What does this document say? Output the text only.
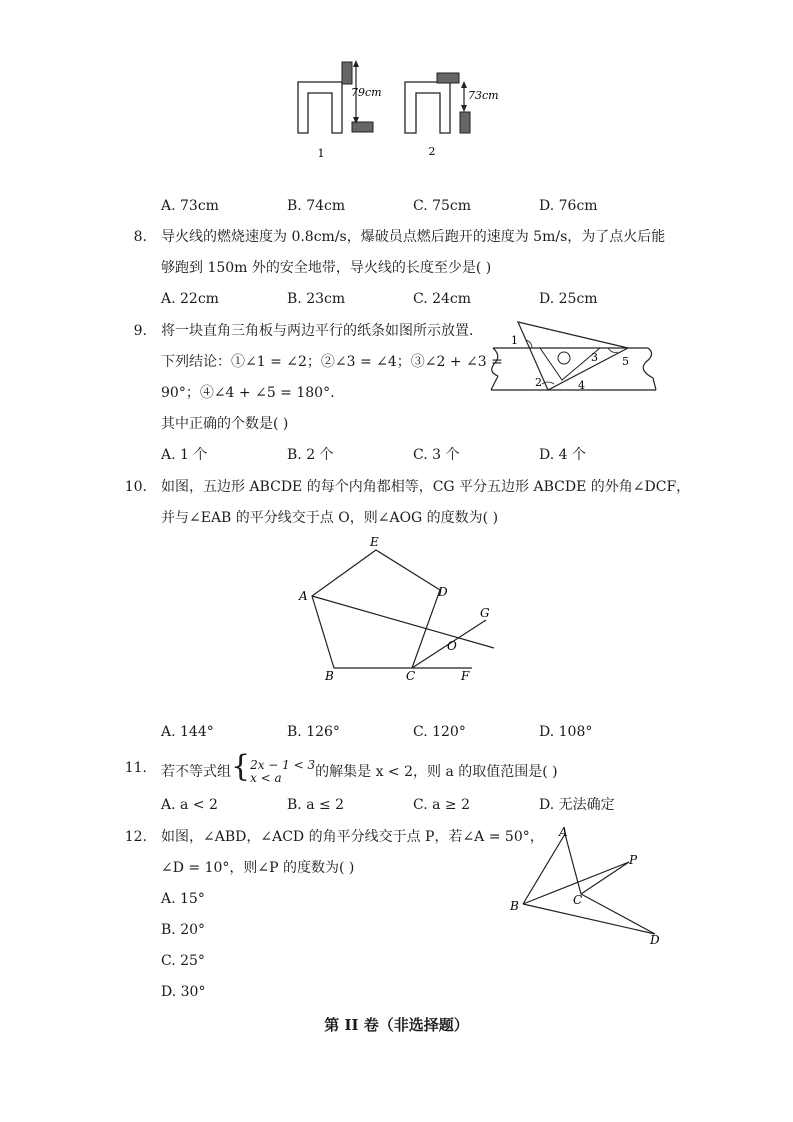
79cm
1
73cm
2
A. 73cm	B. 74cm	C. 75cm	D. 76cm
8. 导火线的燃烧速度为 0.8cm/s，爆破员点燃后跑开的速度为 5m/s，为了点火后能
够跑到 150m 外的安全地带，导火线的长度至少是( )
A. 22cm	B. 23cm	C. 24cm	D. 25cm
9. 将一块直角三角板与两边平行的纸条如图所示放置．
下列结论：①∠1 = ∠2；②∠3 = ∠4；③∠2 + ∠3 =
90°；④∠4 + ∠5 = 180°.
其中正确的个数是( )
A. 1 个	B. 2 个	C. 3 个	D. 4 个
1
2
3
4
5
10. 如图，五边形 ABCDE 的每个内角都相等，CG 平分五边形 ABCDE 的外角∠DCF，
并与∠EAB 的平分线交于点 O，则∠AOG 的度数为( )
E
A	D
G
O
B	C	F
A. 144°	B. 126°	C. 120°	D. 108°
11. 若不等式组{ 2x − 1 < 3
x < a	的解集是 x < 2，则 a 的取值范围是( )
A. a < 2	B. a ≤ 2	C. a ≥ 2	D. 无法确定
12. 如图，∠ABD，∠ACD 的角平分线交于点 P，若∠A = 50°，
∠D = 10°，则∠P 的度数为( )
A. 15°
B. 20°
C. 25°
D. 30°
A
B	C
D
P
第 II 卷（非选择题）
